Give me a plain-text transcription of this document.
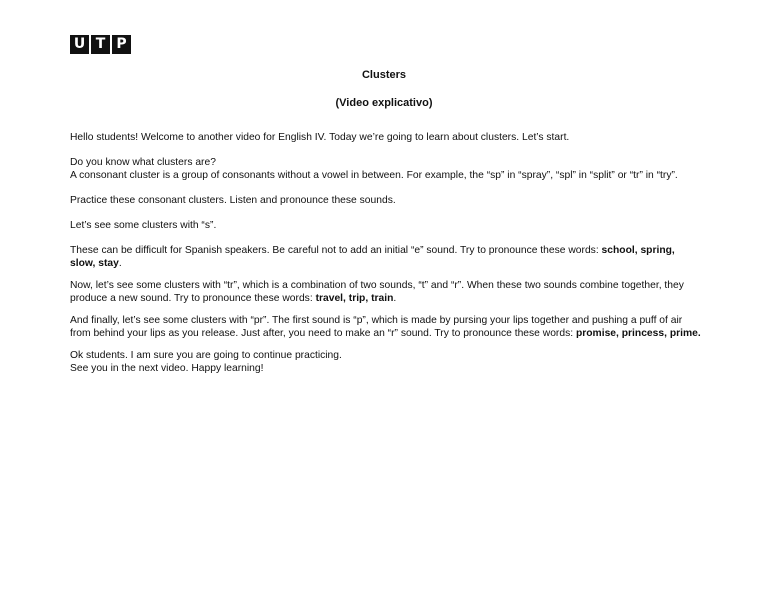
U T P
Clusters
(Video explicativo)

Hello students! Welcome to another video for English IV. Today we’re going to learn about clusters. Let’s start.

Do you know what clusters are?
A consonant cluster is a group of consonants without a vowel in between. For example, the “sp” in “spray”, “spl” in “split” or “tr” in “try”.

Practice these consonant clusters. Listen and pronounce these sounds.

Let’s see some clusters with “s”.

These can be difficult for Spanish speakers. Be careful not to add an initial “e” sound. Try to pronounce these words: school, spring, slow, stay.

Now, let’s see some clusters with “tr”, which is a combination of two sounds, “t” and “r”. When these two sounds combine together, they produce a new sound. Try to pronounce these words: travel, trip, train.

And finally, let’s see some clusters with “pr”. The first sound is “p”, which is made by pursing your lips together and pushing a puff of air from behind your lips as you release. Just after, you need to make an “r” sound. Try to pronounce these words: promise, princess, prime.

Ok students. I am sure you are going to continue practicing.
See you in the next video. Happy learning!
